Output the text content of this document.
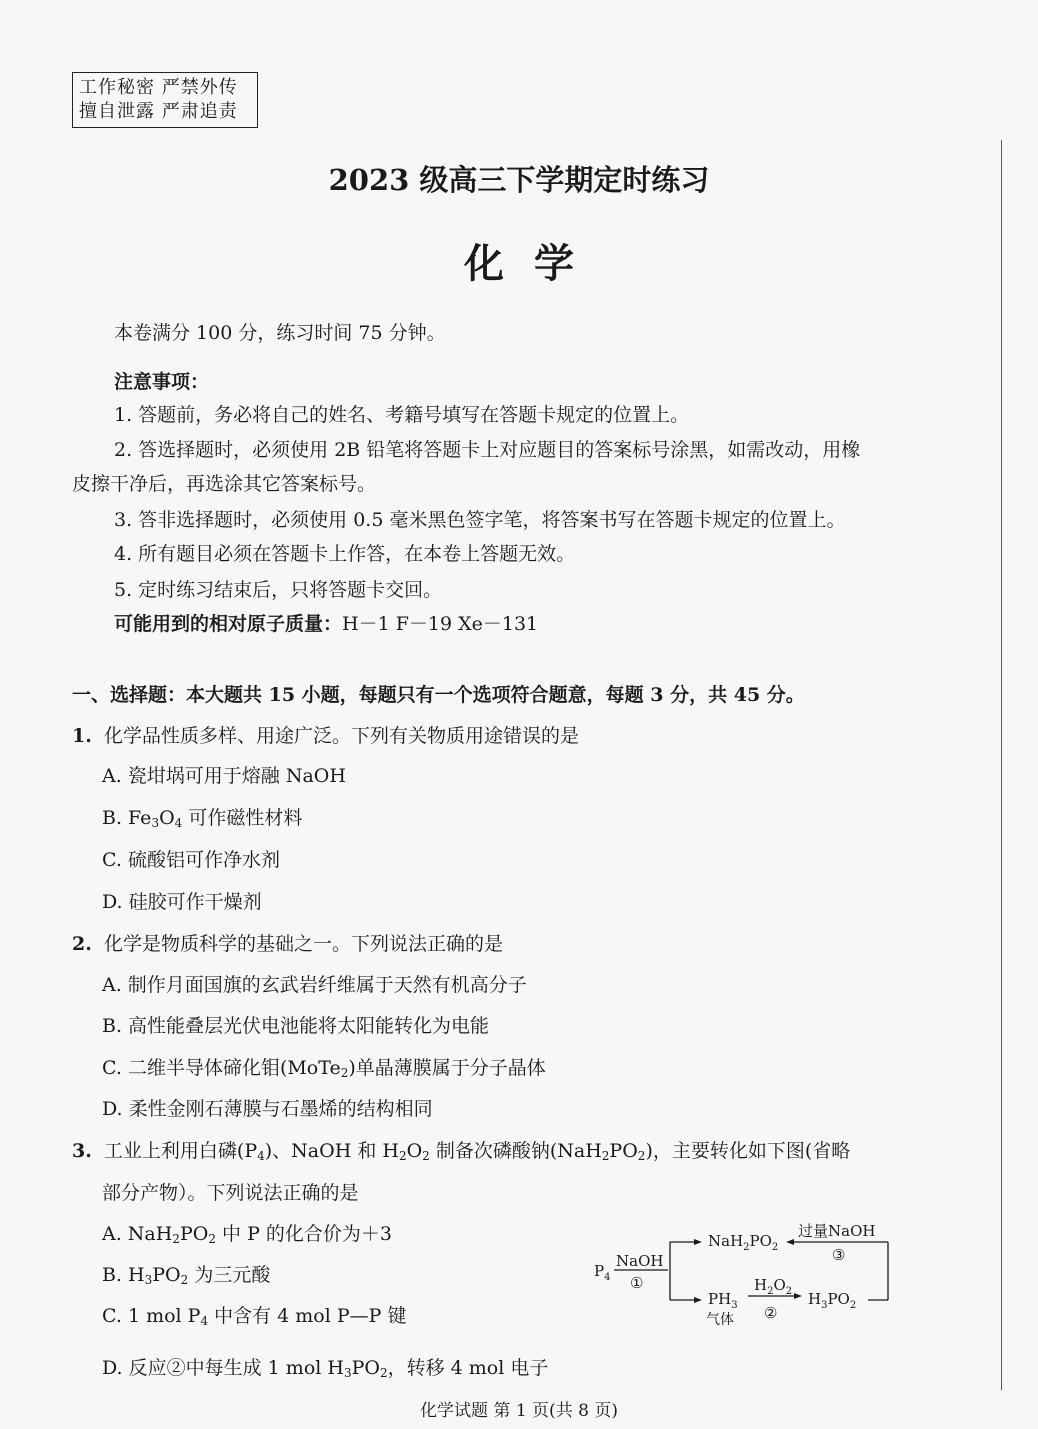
工作秘密 严禁外传
擅自泄露 严肃追责
2023 级高三下学期定时练习
化学
本卷满分 100 分，练习时间 75 分钟。
注意事项：
1. 答题前，务必将自己的姓名、考籍号填写在答题卡规定的位置上。
2. 答选择题时，必须使用 2B 铅笔将答题卡上对应题目的答案标号涂黑，如需改动，用橡
皮擦干净后，再选涂其它答案标号。
3. 答非选择题时，必须使用 0.5 毫米黑色签字笔，将答案书写在答题卡规定的位置上。
4. 所有题目必须在答题卡上作答，在本卷上答题无效。
5. 定时练习结束后，只将答题卡交回。
可能用到的相对原子质量：H－1 F－19 Xe－131
一、选择题：本大题共 15 小题，每题只有一个选项符合题意，每题 3 分，共 45 分。
1. 化学品性质多样、用途广泛。下列有关物质用途错误的是
A. 瓷坩埚可用于熔融 NaOH
B. $Fe_3O_4$ 可作磁性材料
C. 硫酸铝可作净水剂
D. 硅胶可作干燥剂
2. 化学是物质科学的基础之一。下列说法正确的是
A. 制作月面国旗的玄武岩纤维属于天然有机高分子
B. 高性能叠层光伏电池能将太阳能转化为电能
C. 二维半导体碲化钼(MoTe$_2$)单晶薄膜属于分子晶体
D. 柔性金刚石薄膜与石墨烯的结构相同
3.  工业上利用白磷$(P_4)$、NaOH 和 $H_2O_2$ 制备次磷酸钠$(NaH_2PO_2)$，主要转化如下图(省略
部分产物）。下列说法正确的是
A. $NaH_2PO_2$ 中 P 的化合价为＋3
B. $H_3PO_2$ 为三元酸
C. 1 mol $P_4$ 中含有 4 mol P—P 键
D. 反应②中每生成 1 mol $H_3PO_2$，转移 4 mol 电子
$P_4$
NaOH
①
$NaH_2PO_2$
过量NaOH
③
$PH_3$
气体
$H_2O_2$
②
$H_3PO_2$
化学试题 第 1 页(共 8 页)
